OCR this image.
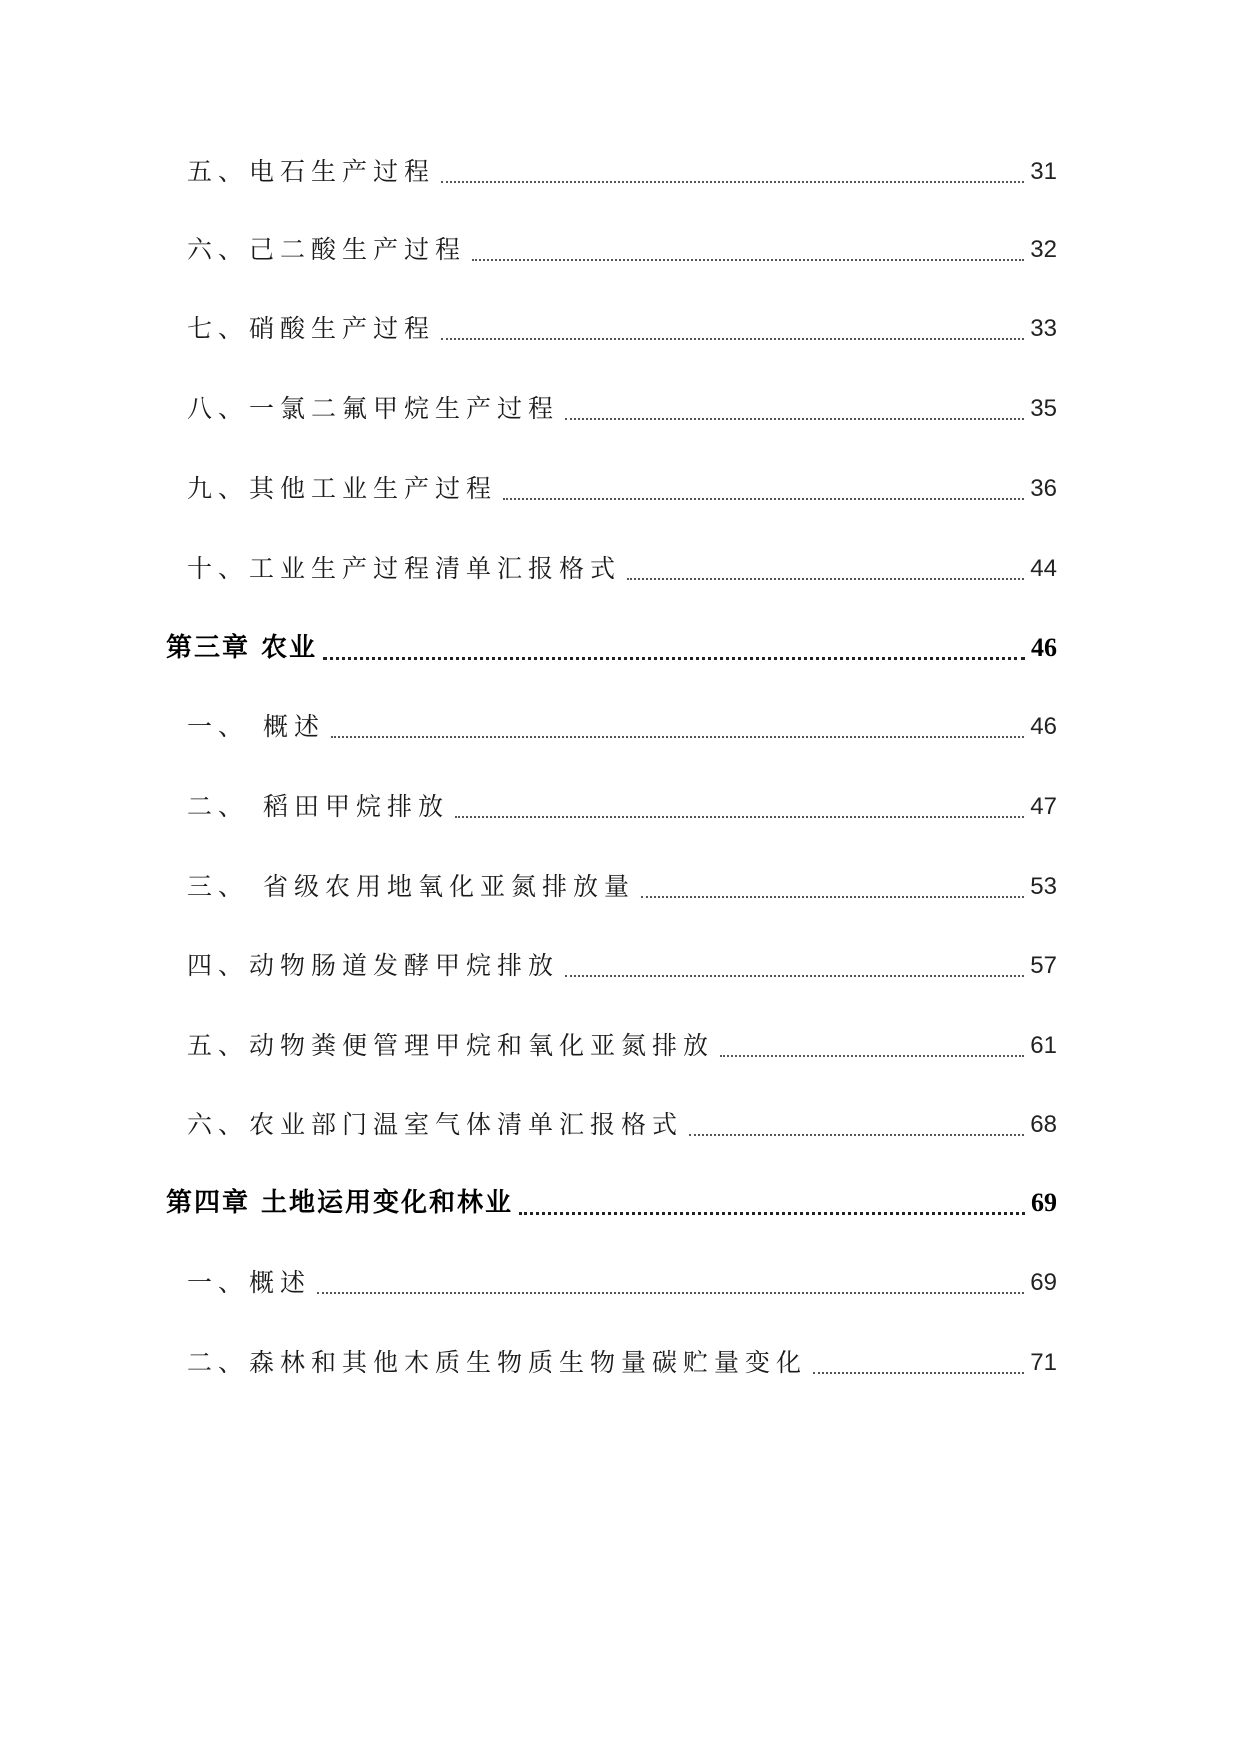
五、电石生产过程	31
六、己二酸生产过程	32
七、硝酸生产过程	33
八、一氯二氟甲烷生产过程	35
九、其他工业生产过程	36
十、工业生产过程清单汇报格式	44
第三章 农业	46
一、 概述	46
二、 稻田甲烷排放	47
三、 省级农用地氧化亚氮排放量	53
四、动物肠道发酵甲烷排放	57
五、动物粪便管理甲烷和氧化亚氮排放	61
六、农业部门温室气体清单汇报格式	68
第四章 土地运用变化和林业	69
一、概述	69
二、森林和其他木质生物质生物量碳贮量变化	71
